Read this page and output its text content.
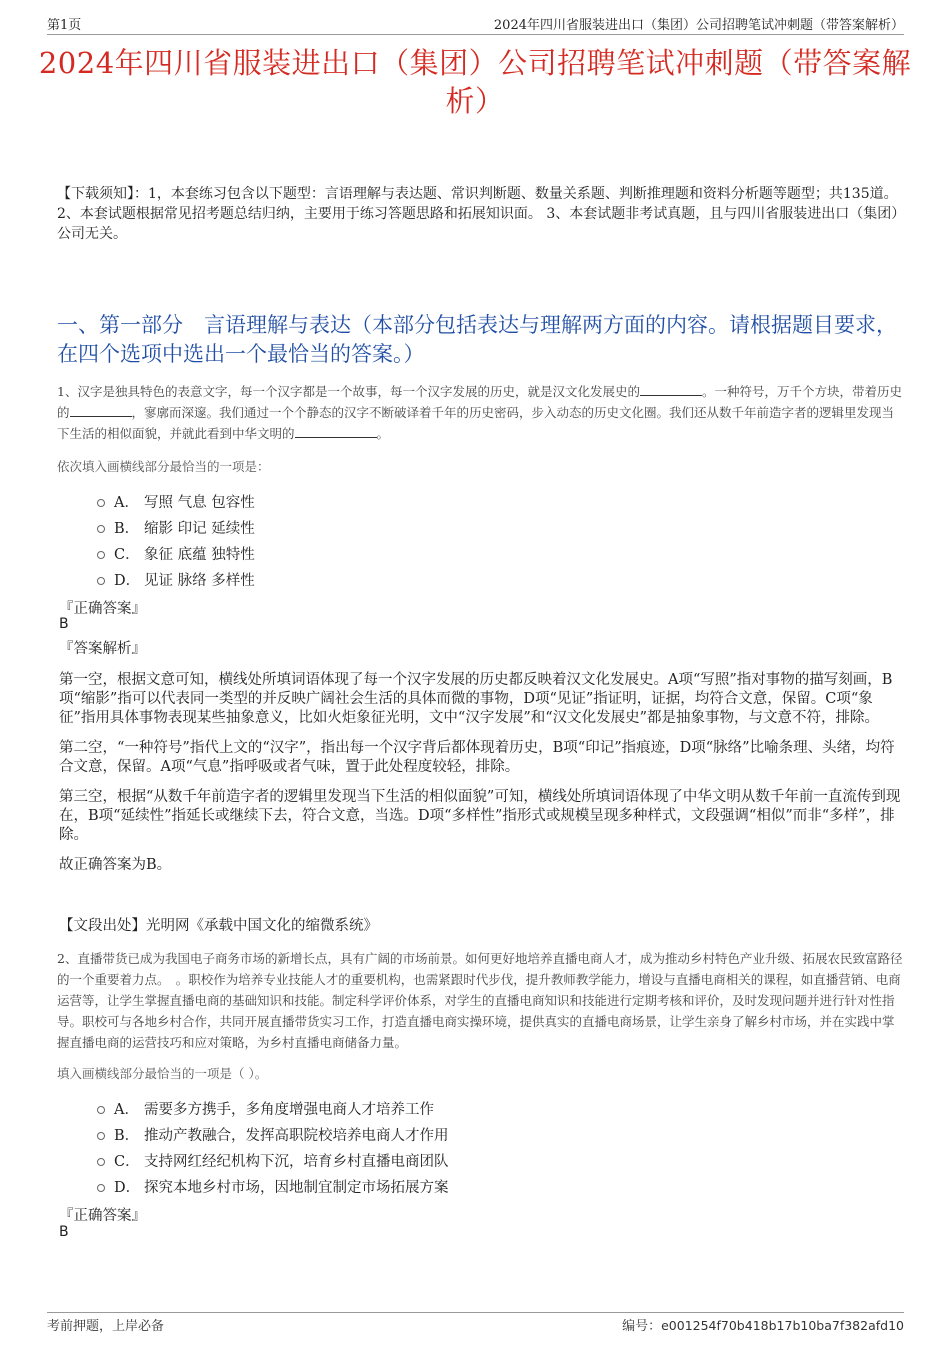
第1页	2024年四川省服装进出口（集团）公司招聘笔试冲刺题（带答案解析）
2024年四川省服装进出口（集团）公司招聘笔试冲刺题（带答案解析）
【下载须知】：1，本套练习包含以下题型：言语理解与表达题、常识判断题、数量关系题、判断推理题和资料分析题等题型；共135道。 2、本套试题根据常见招考题总结归纳，主要用于练习答题思路和拓展知识面。 3、本套试题非考试真题，且与四川省服装进出口（集团）公司无关。
一、第一部分　言语理解与表达（本部分包括表达与理解两方面的内容。请根据题目要求，在四个选项中选出一个最恰当的答案。）
1、汉字是独具特色的表意文字，每一个汉字都是一个故事，每一个汉字发展的历史，就是汉文化发展史的	。一种符号，万千个方块，带着历史的	，寥廓而深邃。我们通过一个个静态的汉字不断破译着千年的历史密码，步入动态的历史文化圈。我们还从数千年前造字者的逻辑里发现当下生活的相似面貌，并就此看到中华文明的	。
依次填入画横线部分最恰当的一项是：
A． 写照 气息 包容性
B． 缩影 印记 延续性
C． 象征 底蕴 独特性
D． 见证 脉络 多样性
『正确答案』
B
『答案解析』

第一空，根据文意可知，横线处所填词语体现了每一个汉字发展的历史都反映着汉文化发展史。A项“写照”指对事物的描写刻画，B项“缩影”指可以代表同一类型的并反映广阔社会生活的具体而微的事物，D项“见证”指证明，证据，均符合文意，保留。C项“象征”指用具体事物表现某些抽象意义，比如火炬象征光明，文中“汉字发展”和“汉文化发展史”都是抽象事物，与文意不符，排除。

第二空，“一种符号”指代上文的“汉字”，指出每一个汉字背后都体现着历史，B项“印记”指痕迹，D项“脉络”比喻条理、头绪，均符合文意，保留。A项“气息”指呼吸或者气味，置于此处程度较轻，排除。

第三空，根据“从数千年前造字者的逻辑里发现当下生活的相似面貌”可知，横线处所填词语体现了中华文明从数千年前一直流传到现在，B项“延续性”指延长或继续下去，符合文意，当选。D项“多样性”指形式或规模呈现多种样式，文段强调“相似”而非“多样”，排除。

故正确答案为B。

【文段出处】光明网《承载中国文化的缩微系统》
2、直播带货已成为我国电子商务市场的新增长点，具有广阔的市场前景。如何更好地培养直播电商人才，成为推动乡村特色产业升级、拓展农民致富路径的一个重要着力点。　。职校作为培养专业技能人才的重要机构，也需紧跟时代步伐，提升教师教学能力，增设与直播电商相关的课程，如直播营销、电商运营等，让学生掌握直播电商的基础知识和技能。制定科学评价体系，对学生的直播电商知识和技能进行定期考核和评价，及时发现问题并进行针对性指导。职校可与各地乡村合作，共同开展直播带货实习工作，打造直播电商实操环境，提供真实的直播电商场景，让学生亲身了解乡村市场，并在实践中掌握直播电商的运营技巧和应对策略，为乡村直播电商储备力量。
填入画横线部分最恰当的一项是（ ）。
A． 需要多方携手，多角度增强电商人才培养工作
B． 推动产教融合，发挥高职院校培养电商人才作用
C． 支持网红经纪机构下沉，培育乡村直播电商团队
D． 探究本地乡村市场，因地制宜制定市场拓展方案
『正确答案』
B
考前押题，上岸必备	编号：e001254f70b418b17b10ba7f382afd10
